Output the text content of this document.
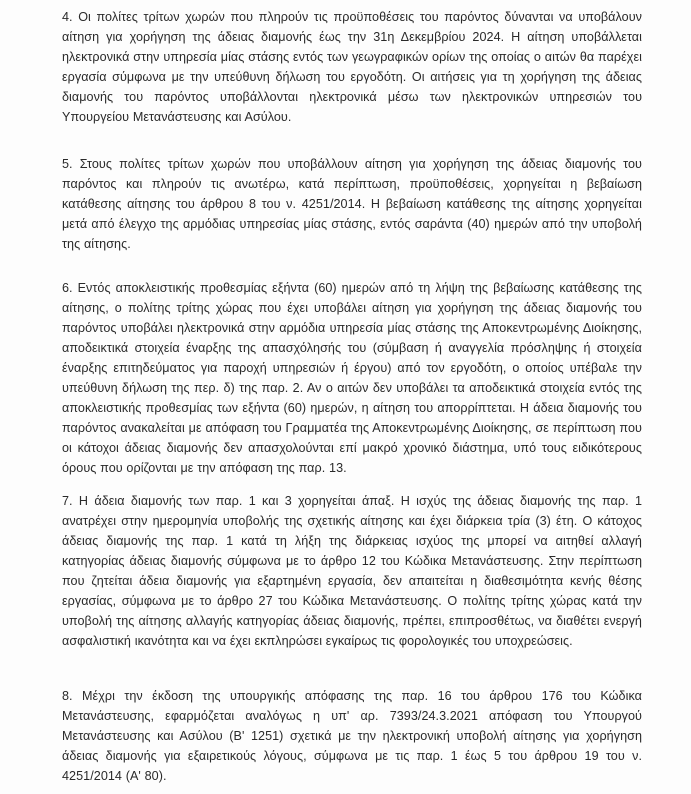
4. Οι πολίτες τρίτων χωρών που πληρούν τις προϋποθέσεις του παρόντος δύνανται να υποβάλουν αίτηση για χορήγηση της άδειας διαμονής έως την 31η Δεκεμβρίου 2024. Η αίτηση υποβάλλεται ηλεκτρονικά στην υπηρεσία μίας στάσης εντός των γεωγραφικών ορίων της οποίας ο αιτών θα παρέχει εργασία σύμφωνα με την υπεύθυνη δήλωση του εργοδότη. Οι αιτήσεις για τη χορήγηση της άδειας διαμονής του παρόντος υποβάλλονται ηλεκτρονικά μέσω των ηλεκτρονικών υπηρεσιών του Υπουργείου Μετανάστευσης και Ασύλου.

5. Στους πολίτες τρίτων χωρών που υποβάλλουν αίτηση για χορήγηση της άδειας διαμονής του παρόντος και πληρούν τις ανωτέρω, κατά περίπτωση, προϋποθέσεις, χορηγείται η βεβαίωση κατάθεσης αίτησης του άρθρου 8 του ν. 4251/2014. Η βεβαίωση κατάθεσης της αίτησης χορηγείται μετά από έλεγχο της αρμόδιας υπηρεσίας μίας στάσης, εντός σαράντα (40) ημερών από την υποβολή της αίτησης.

6. Εντός αποκλειστικής προθεσμίας εξήντα (60) ημερών από τη λήψη της βεβαίωσης κατάθεσης της αίτησης, ο πολίτης τρίτης χώρας που έχει υποβάλει αίτηση για χορήγηση της άδειας διαμονής του παρόντος υποβάλει ηλεκτρονικά στην αρμόδια υπηρεσία μίας στάσης της Αποκεντρωμένης Διοίκησης, αποδεικτικά στοιχεία έναρξης της απασχόλησής του (σύμβαση ή αναγγελία πρόσληψης ή στοιχεία έναρξης επιτηδεύματος για παροχή υπηρεσιών ή έργου) από τον εργοδότη, ο οποίος υπέβαλε την υπεύθυνη δήλωση της περ. δ) της παρ. 2. Αν ο αιτών δεν υποβάλει τα αποδεικτικά στοιχεία εντός της αποκλειστικής προθεσμίας των εξήντα (60) ημερών, η αίτηση του απορρίπτεται. Η άδεια διαμονής του παρόντος ανακαλείται με απόφαση του Γραμματέα της Αποκεντρωμένης Διοίκησης, σε περίπτωση που οι κάτοχοι άδειας διαμονής δεν απασχολούνται επί μακρό χρονικό διάστημα, υπό τους ειδικότερους όρους που ορίζονται με την απόφαση της παρ. 13.

7. Η άδεια διαμονής των παρ. 1 και 3 χορηγείται άπαξ. Η ισχύς της άδειας διαμονής της παρ. 1 ανατρέχει στην ημερομηνία υποβολής της σχετικής αίτησης και έχει διάρκεια τρία (3) έτη. Ο κάτοχος άδειας διαμονής της παρ. 1 κατά τη λήξη της διάρκειας ισχύος της μπορεί να αιτηθεί αλλαγή κατηγορίας άδειας διαμονής σύμφωνα με το άρθρο 12 του Κώδικα Μετανάστευσης. Στην περίπτωση που ζητείται άδεια διαμονής για εξαρτημένη εργασία, δεν απαιτείται η διαθεσιμότητα κενής θέσης εργασίας, σύμφωνα με το άρθρο 27 του Κώδικα Μετανάστευσης. Ο πολίτης τρίτης χώρας κατά την υποβολή της αίτησης αλλαγής κατηγορίας άδειας διαμονής, πρέπει, επιπροσθέτως, να διαθέτει ενεργή ασφαλιστική ικανότητα και να έχει εκπληρώσει εγκαίρως τις φορολογικές του υποχρεώσεις.

8. Μέχρι την έκδοση της υπουργικής απόφασης της παρ. 16 του άρθρου 176 του Κώδικα Μετανάστευσης, εφαρμόζεται αναλόγως η υπ' αρ. 7393/24.3.2021 απόφαση του Υπουργού Μετανάστευσης και Ασύλου (Β' 1251) σχετικά με την ηλεκτρονική υποβολή αίτησης για χορήγηση άδειας διαμονής για εξαιρετικούς λόγους, σύμφωνα με τις παρ. 1 έως 5 του άρθρου 19 του ν. 4251/2014 (Α' 80).
